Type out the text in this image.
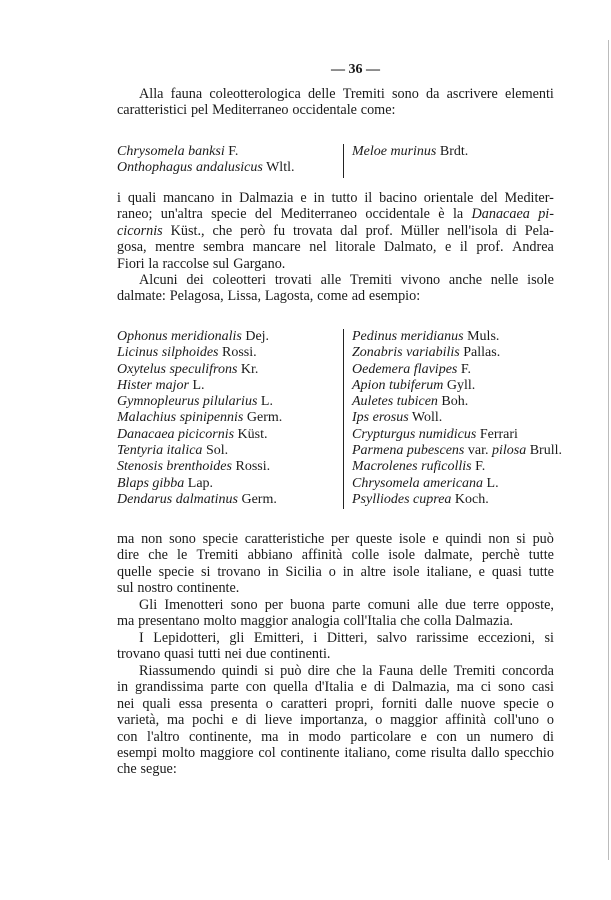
— 36 —
Alla fauna coleotterologica delle Tremiti sono da ascrivere elementi
caratteristici pel Mediterraneo occidentale come:
Chrysomela banksi F.
Onthophagus andalusicus Wltl.
Meloe murinus Brdt.
i quali mancano in Dalmazia e in tutto il bacino orientale del Mediter-
raneo; un'altra specie del Mediterraneo occidentale è la Danacaea pi-
cicornis Küst., che però fu trovata dal prof. Müller nell'isola di Pela-
gosa, mentre sembra mancare nel litorale Dalmato, e il prof. Andrea
Fiori la raccolse sul Gargano.
Alcuni dei coleotteri trovati alle Tremiti vivono anche nelle isole
dalmate: Pelagosa, Lissa, Lagosta, come ad esempio:
Ophonus meridionalis Dej.
Licinus silphoides Rossi.
Oxytelus speculifrons Kr.
Hister major L.
Gymnopleurus pilularius L.
Malachius spinipennis Germ.
Danacaea picicornis Küst.
Tentyria italica Sol.
Stenosis brenthoides Rossi.
Blaps gibba Lap.
Dendarus dalmatinus Germ.
Pedinus meridianus Muls.
Zonabris variabilis Pallas.
Oedemera flavipes F.
Apion tubiferum Gyll.
Auletes tubicen Boh.
Ips erosus Woll.
Crypturgus numidicus Ferrari
Parmena pubescens var. pilosa Brull.
Macrolenes ruficollis F.
Chrysomela americana L.
Psylliodes cuprea Koch.
ma non sono specie caratteristiche per queste isole e quindi non si può
dire che le Tremiti abbiano affinità colle isole dalmate, perchè tutte
quelle specie si trovano in Sicilia o in altre isole italiane, e quasi tutte
sul nostro continente.
Gli Imenotteri sono per buona parte comuni alle due terre opposte,
ma presentano molto maggior analogia coll'Italia che colla Dalmazia.
I Lepidotteri, gli Emitteri, i Ditteri, salvo rarissime eccezioni, si
trovano quasi tutti nei due continenti.
Riassumendo quindi si può dire che la Fauna delle Tremiti concorda
in grandissima parte con quella d'Italia e di Dalmazia, ma ci sono casi
nei quali essa presenta o caratteri propri, forniti dalle nuove specie o
varietà, ma pochi e di lieve importanza, o maggior affinità coll'uno o
con l'altro continente, ma in modo particolare e con un numero di
esempi molto maggiore col continente italiano, come risulta dallo specchio
che segue:
